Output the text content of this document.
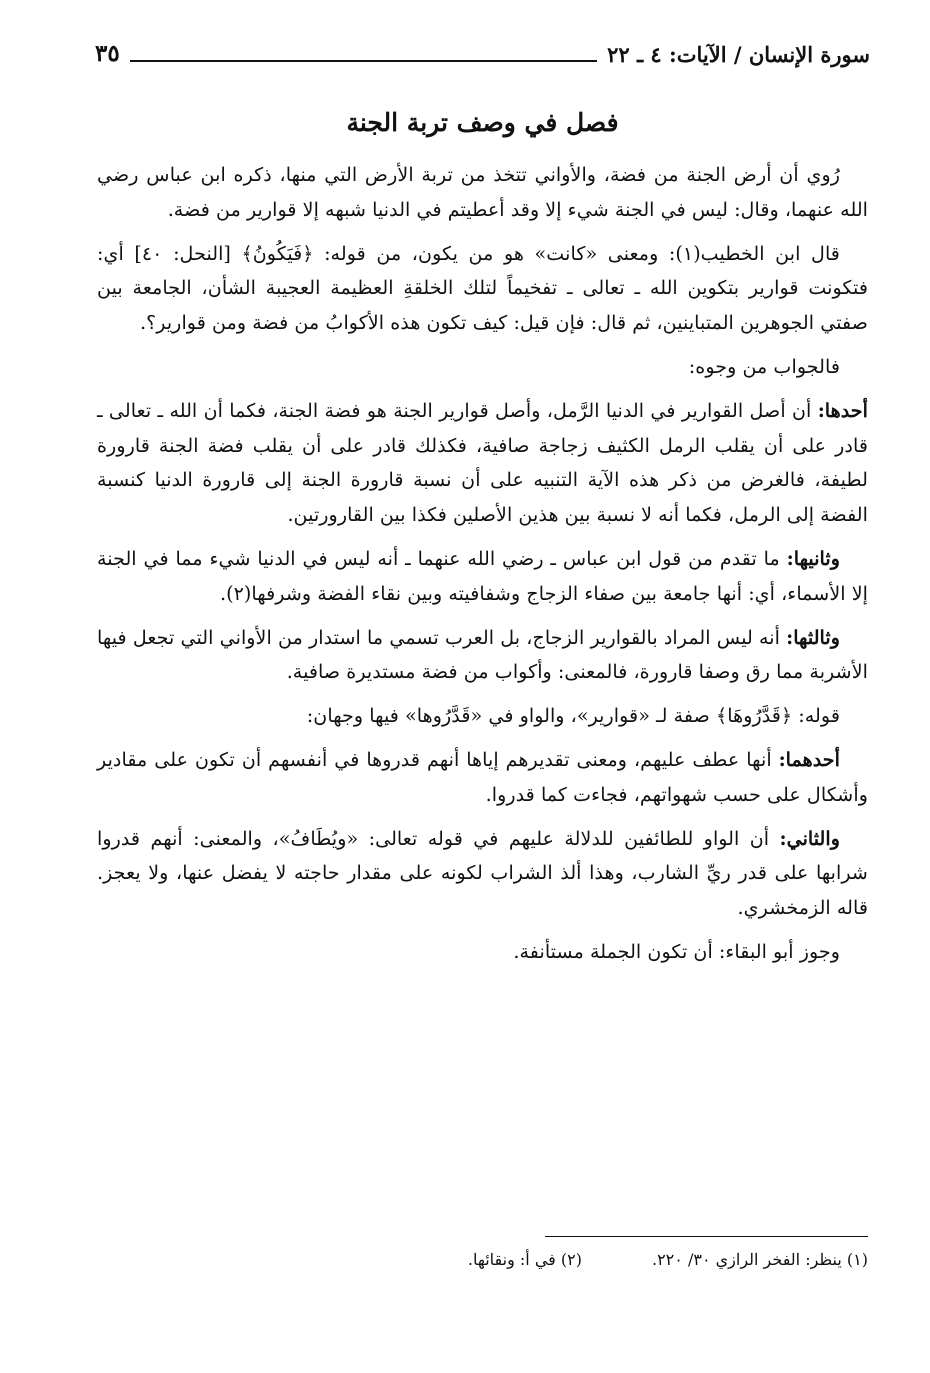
سورة الإنسان / الآيات: ٤ ـ ٢٢
٣٥
فصل في وصف تربة الجنة

رُوي أن أرض الجنة من فضة، والأواني تتخذ من تربة الأرض التي منها، ذكره ابن عباس رضي الله عنهما، وقال: ليس في الجنة شيء إلا وقد أعطيتم في الدنيا شبهه إلا قوارير من فضة.

قال ابن الخطيب(١): ومعنى «كانت» هو من يكون، من قوله: ﴿فَيَكُونُ﴾ [النحل: ٤٠] أي: فتكونت قوارير بتكوين الله ـ تعالى ـ تفخيماً لتلك الخلقةِ العظيمة العجيبة الشأن، الجامعة بين صفتي الجوهرين المتباينين، ثم قال: فإن قيل: كيف تكون هذه الأكوابُ من فضة ومن قوارير؟.

فالجواب من وجوه:

أحدها: أن أصل القوارير في الدنيا الرَّمل، وأصل قوارير الجنة هو فضة الجنة، فكما أن الله ـ تعالى ـ قادر على أن يقلب الرمل الكثيف زجاجة صافية، فكذلك قادر على أن يقلب فضة الجنة قارورة لطيفة، فالغرض من ذكر هذه الآية التنبيه على أن نسبة قارورة الجنة إلى قارورة الدنيا كنسبة الفضة إلى الرمل، فكما أنه لا نسبة بين هذين الأصلين فكذا بين القارورتين.

وثانيها: ما تقدم من قول ابن عباس ـ رضي الله عنهما ـ أنه ليس في الدنيا شيء مما في الجنة إلا الأسماء، أي: أنها جامعة بين صفاء الزجاج وشفافيته وبين نقاء الفضة وشرفها(٢).

وثالثها: أنه ليس المراد بالقوارير الزجاج، بل العرب تسمي ما استدار من الأواني التي تجعل فيها الأشربة مما رق وصفا قارورة، فالمعنى: وأكواب من فضة مستديرة صافية.

قوله: ﴿قَدَّرُوهَا﴾ صفة لـ «قوارير»، والواو في «قَدَّرُوها» فيها وجهان:

أحدهما: أنها عطف عليهم، ومعنى تقديرهم إياها أنهم قدروها في أنفسهم أن تكون على مقادير وأشكال على حسب شهواتهم، فجاءت كما قدروا.

والثاني: أن الواو للطائفين للدلالة عليهم في قوله تعالى: «ويُطَافُ»، والمعنى: أنهم قدروا شرابها على قدر ريِّ الشارب، وهذا ألذ الشراب لكونه على مقدار حاجته لا يفضل عنها، ولا يعجز. قاله الزمخشري.

وجوز أبو البقاء: أن تكون الجملة مستأنفة.

(١) ينظر: الفخر الرازي ٣٠/ ٢٢٠.
(٢) في أ: ونقائها.
